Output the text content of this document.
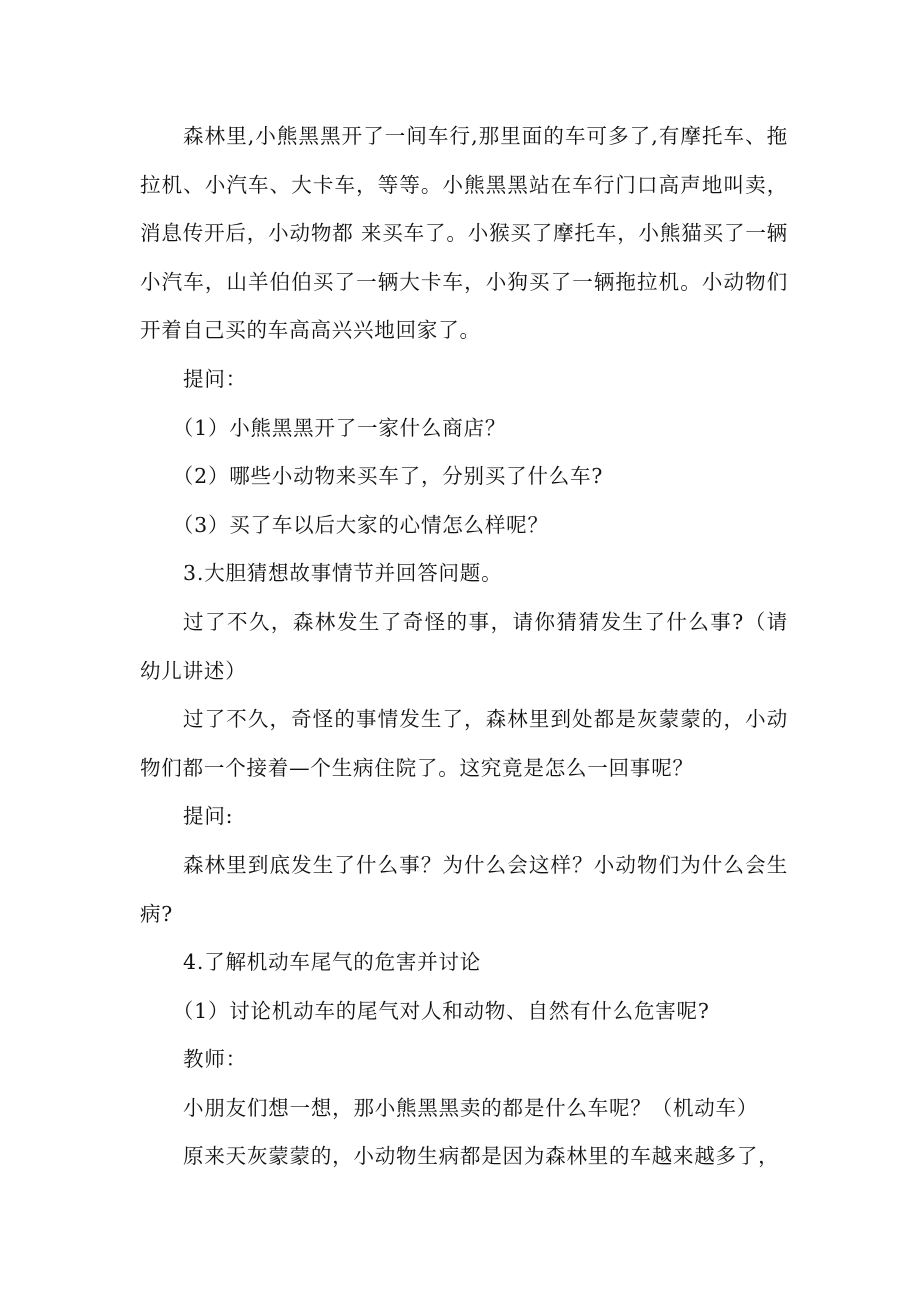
森林里,小熊黑黑开了一间车行,那里面的车可多了,有摩托车、拖拉机、小汽车、大卡车，等等。小熊黑黑站在车行门口高声地叫卖，消息传开后，小动物都 来买车了。小猴买了摩托车，小熊猫买了一辆小汽车，山羊伯伯买了一辆大卡车，小狗买了一辆拖拉机。小动物们开着自己买的车高高兴兴地回家了。

提问：

（1）小熊黑黑开了一家什么商店？

（2）哪些小动物来买车了，分别买了什么车?

（3）买了车以后大家的心情怎么样呢？

3.大胆猜想故事情节并回答问题。

过了不久，森林发生了奇怪的事，请你猜猜发生了什么事?（请幼儿讲述）

过了不久，奇怪的事情发生了，森林里到处都是灰蒙蒙的，小动物们都一个接着—个生病住院了。这究竟是怎么一回事呢？

提问:

森林里到底发生了什么事？为什么会这样？小动物们为什么会生病?

4.了解机动车尾气的危害并讨论

（1）讨论机动车的尾气对人和动物、自然有什么危害呢?

教师：

小朋友们想一想，那小熊黑黑卖的都是什么车呢？（机动车）

原来天灰蒙蒙的，小动物生病都是因为森林里的车越来越多了，
